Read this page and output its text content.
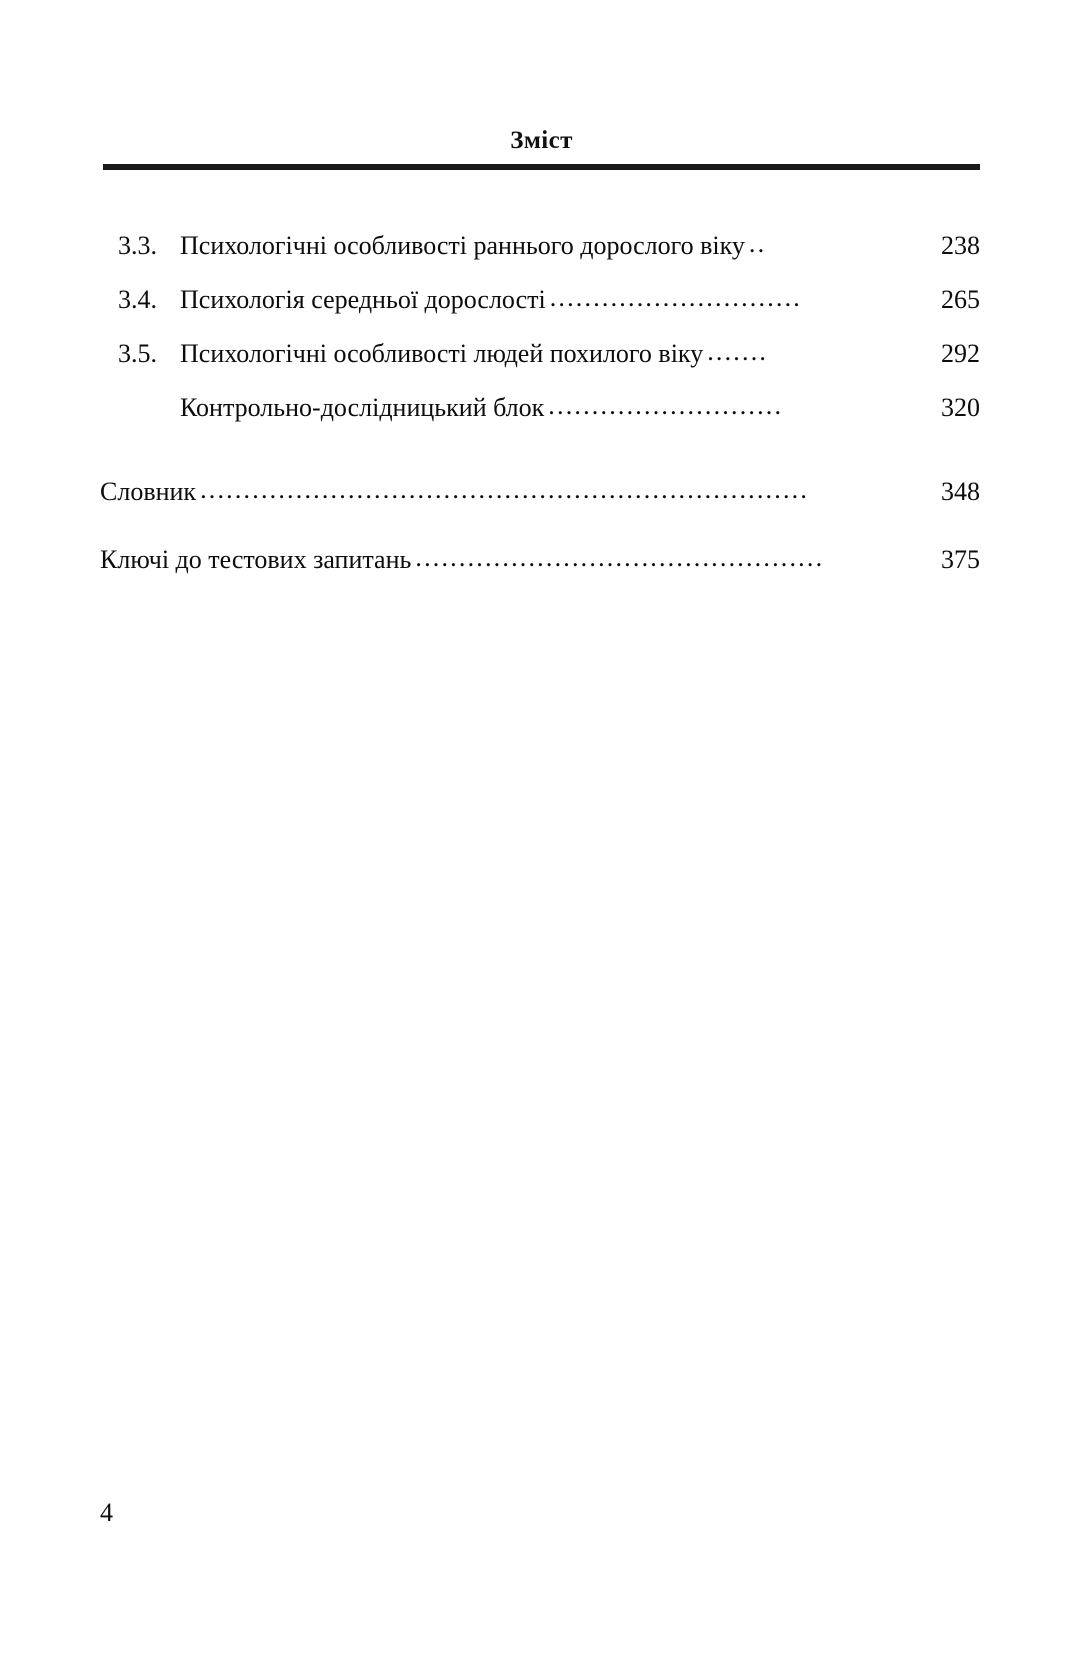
Зміст
3.3. Психологічні особливості раннього дорослого віку ..	238
3.4. Психологія середньої дорослості .............................	265
3.5. Психологічні особливості людей похилого віку .......	292
Контрольно-дослідницький блок ...........................	320
Словник ......................................................................	348
Ключі до тестових запитань ...............................................	375
4
